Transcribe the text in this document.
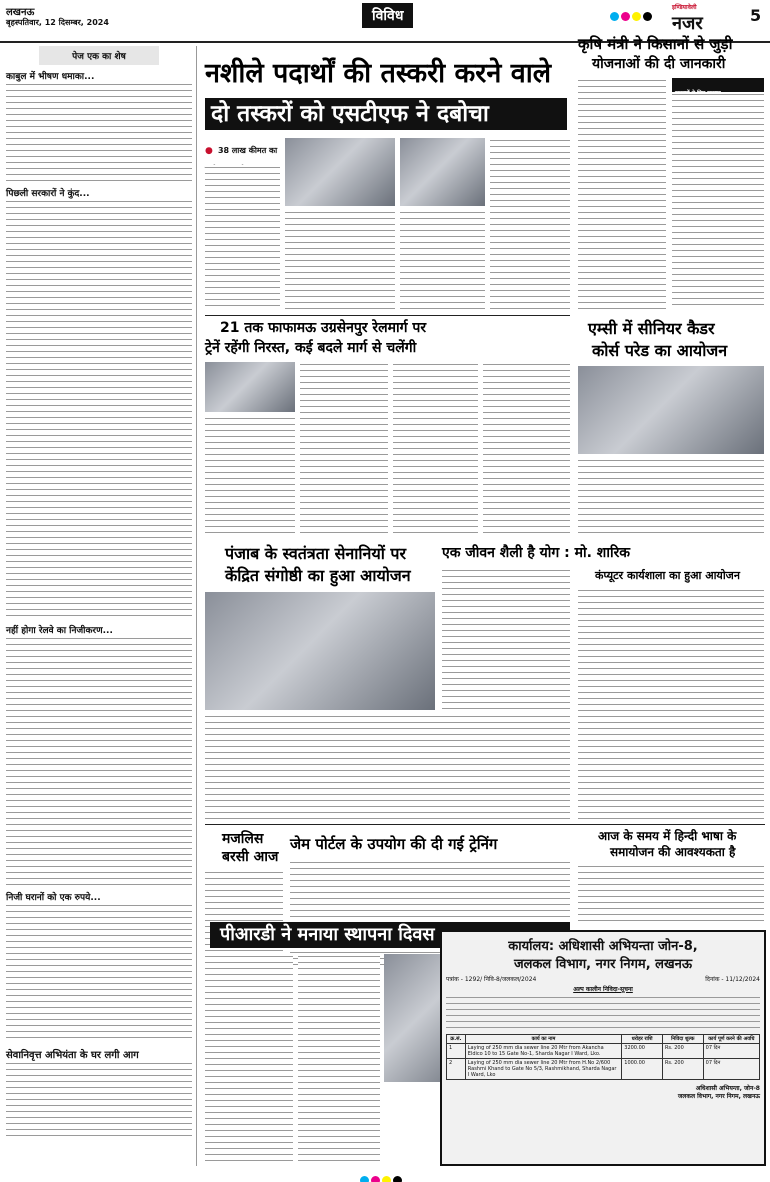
लखनऊ
बृहस्पतिवार, 12 दिसम्बर, 2024	विविध
इण्डियावेली
नजर	5
पेज एक का शेष
काबुल में भीषण धमाका...
पिछली सरकारों ने कुंद...
नहीं होगा रेलवे का निजीकरण...
निजी घरानों को एक रुपये...
सेवानिवृत्त अभियंता के घर लगी आग
नशीले पदार्थों की तस्करी करने वाले
दो तस्करों को एसटीएफ ने दबोचा
● 38 लाख कीमत का
कृषि मंत्री ने किसानों से जुड़ी
योजनाओं की दी जानकारी
21 तक फाफामऊ उग्रसेनपुर रेलमार्ग पर
ट्रेनें रहेंगी निरस्त, कई बदले मार्ग से चलेंगी
एम्सी में सीनियर कैडर
कोर्स परेड का आयोजन
पंजाब के स्वतंत्रता सेनानियों पर
केंद्रित संगोष्ठी का हुआ आयोजन
एक जीवन शैली है योग : मो. शारिक
कंप्यूटर कार्यशाला का हुआ आयोजन
मजलिस
बरसी आज
जेम पोर्टल के उपयोग की दी गई ट्रेनिंग
पीआरडी ने मनाया स्थापना दिवस
आज के समय में हिन्दी भाषा के
समायोजन की आवश्यकता है
कार्यालय: अधिशासी अभियन्ता जोन-8,
जलकल विभाग, नगर निगम, लखनऊ
पत्रांक - 1292/ निवि-8/जलकल/2024	दिनांक - 11/12/2024
अल्प कालीन निविदा-सूचना
क्र.सं.	कार्य का नाम	धरोहर राशि	निविदा शुल्क	कार्य पूर्ण करने की अवधि
1	Laying of 250 mm dia sewer line 20 Mtr from Akancha Eldico 10 to 15 Gate No-1, Sharda Nagar I Ward, Lko.	3200.00	Rs. 200	07 दिन
2	Laying of 250 mm dia sewer line 20 Mtr from H.No 2/600 Rashmi Khand to Gate No 5/3, Rashmikhand, Sharda Nagar I Ward, Lko	1000.00	Rs. 200	07 दिन
अधिशासी अभियन्ता, जोन-8
जलकल विभाग, नगर निगम, लखनऊ
